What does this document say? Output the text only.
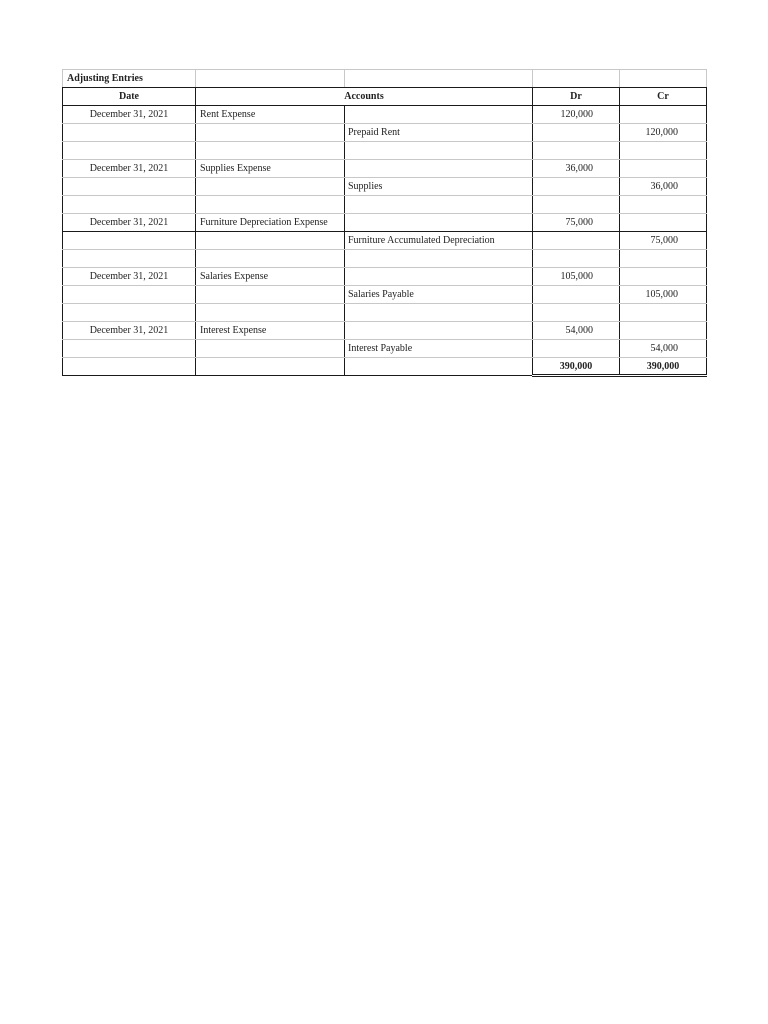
Adjusting Entries				
Date	Accounts		Dr	Cr
December 31, 2021	Rent Expense		120,000	
		Prepaid Rent		120,000

December 31, 2021	Supplies Expense		36,000	
		Supplies		36,000

December 31, 2021	Furniture Depreciation Expense		75,000	
		Furniture Accumulated Depreciation		75,000

December 31, 2021	Salaries Expense		105,000	
		Salaries Payable		105,000

December 31, 2021	Interest Expense		54,000	
		Interest Payable		54,000
			390,000	390,000
